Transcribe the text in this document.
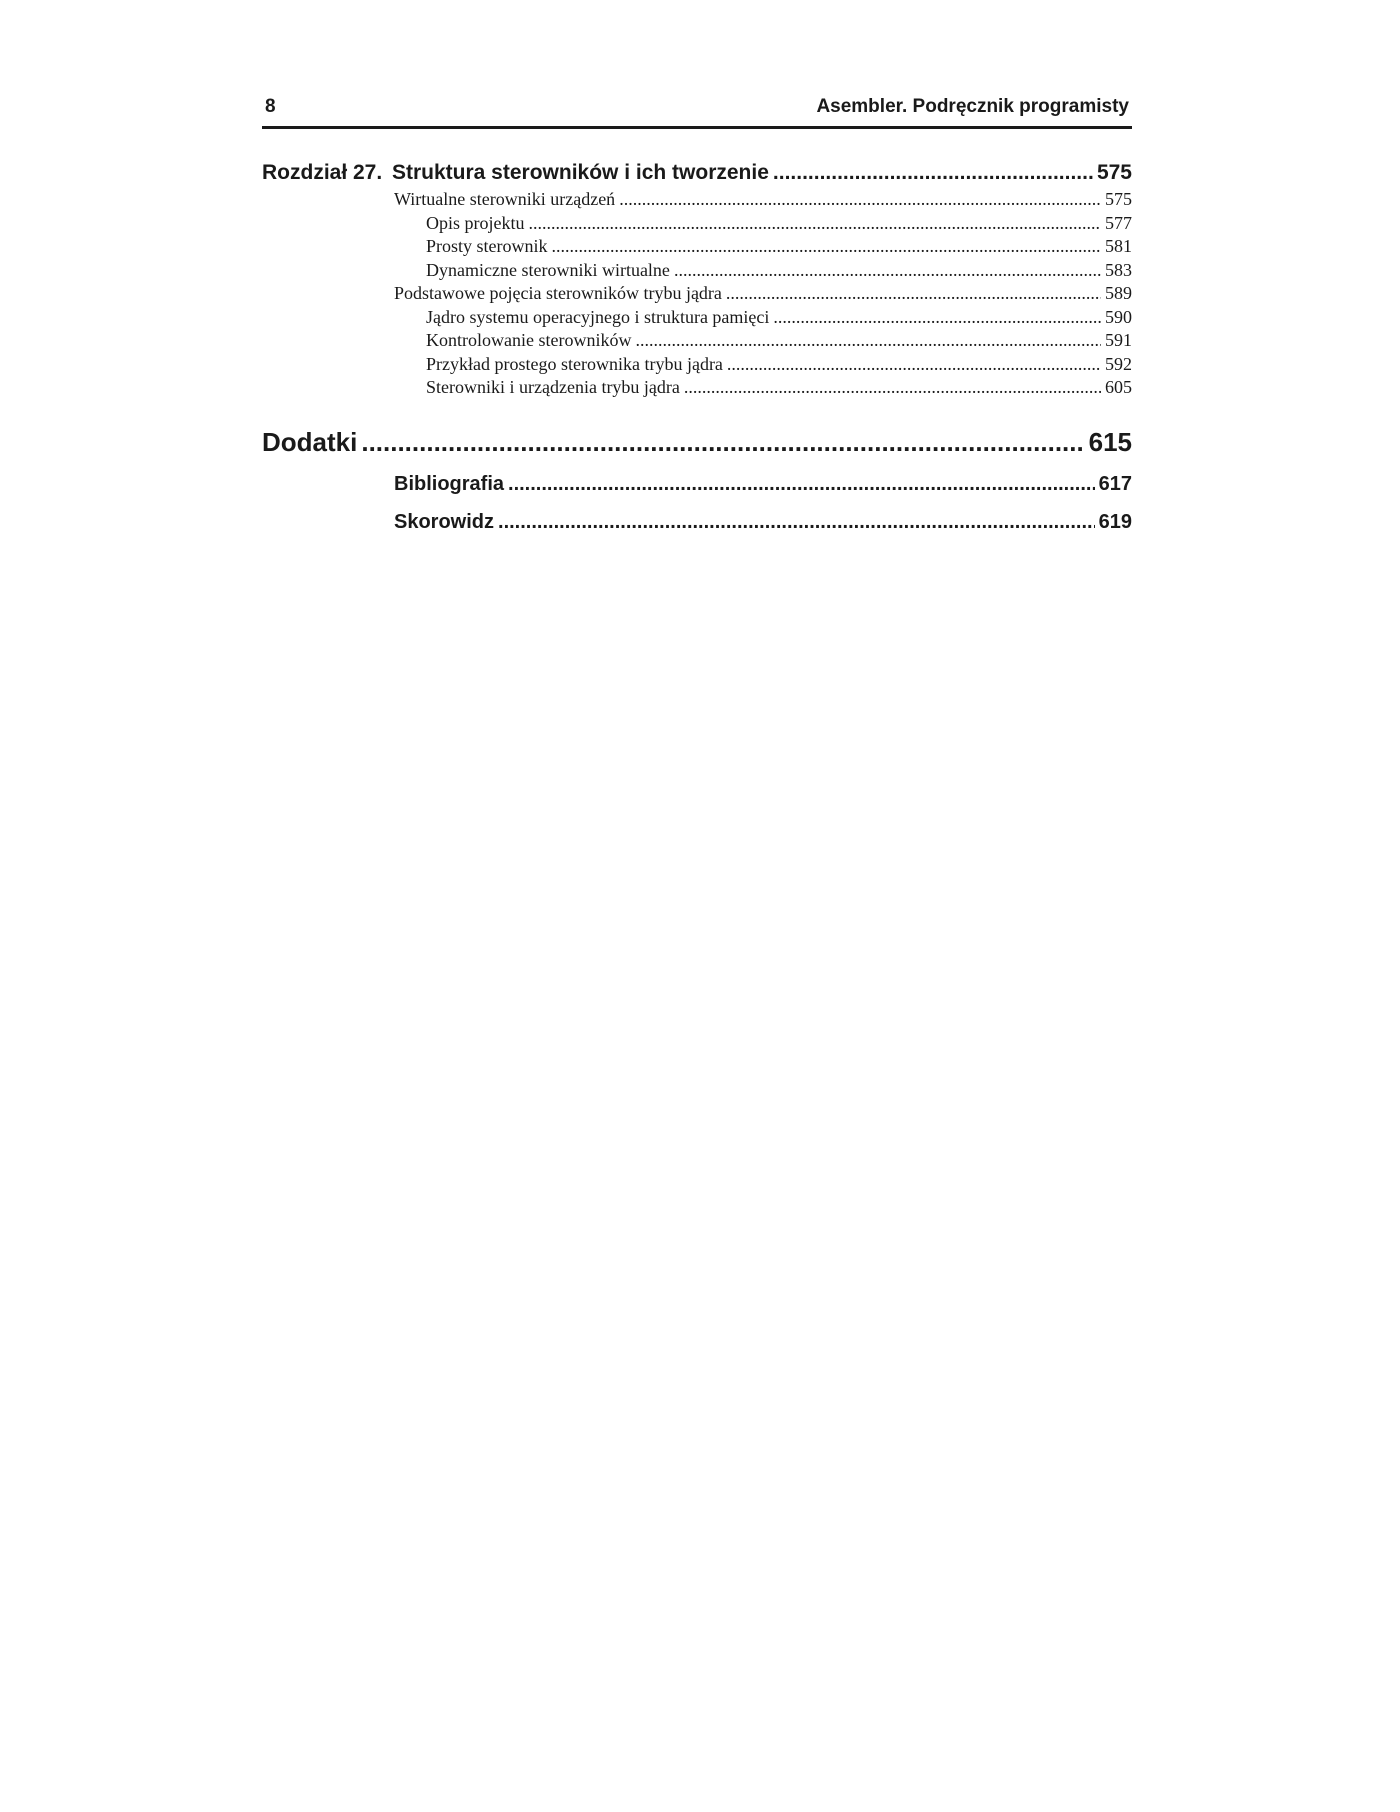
8	Asembler. Podręcznik programisty
Rozdział 27. Struktura sterowników i ich tworzenie .....	575
Wirtualne sterowniki urządzeń .....	575
Opis projektu .....	577
Prosty sterownik .....	581
Dynamiczne sterowniki wirtualne .....	583
Podstawowe pojęcia sterowników trybu jądra .....	589
Jądro systemu operacyjnego i struktura pamięci .....	590
Kontrolowanie sterowników .....	591
Przykład prostego sterownika trybu jądra .....	592
Sterowniki i urządzenia trybu jądra .....	605
Dodatki .....	615
Bibliografia .....	617
Skorowidz .....	619
